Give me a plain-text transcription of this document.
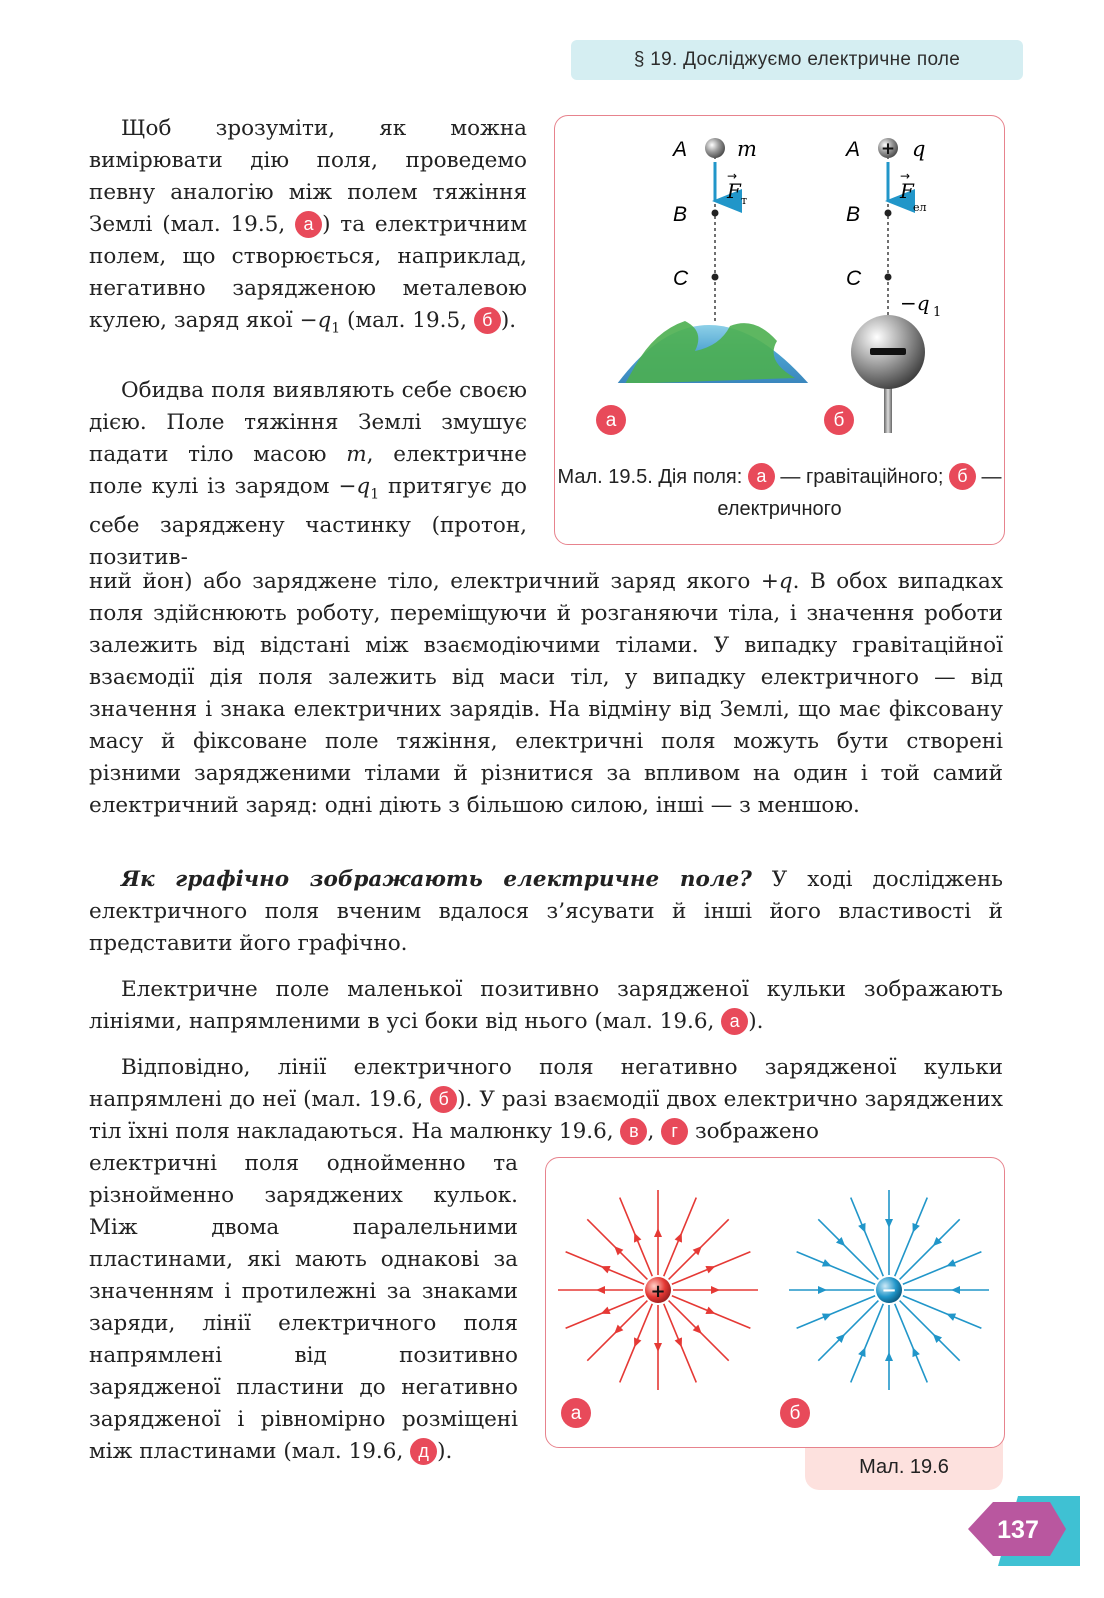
§ 19. Досліджуємо електричне поле

Щоб зрозуміти, як можна вимірювати дію поля, проведемо певну аналогію між полем тяжіння Землі (мал. 19.5, а ) та електричним полем, що створюється, наприклад, негативно зарядженою металевою кулею, заряд якої $-q_1$ (мал. 19.5, б ).

Обидва поля виявляють себе своєю дією. Поле тяжіння Землі змушує падати тіло масою m, електричне поле кулі із зарядом $-q_1$ притягує до себе заряджену частинку (протон, позитив-

ний йон) або заряджене тіло, електричний заряд якого +q. В обох випадках поля здійснюють роботу, переміщуючи й розганяючи тіла, і значення роботи залежить від відстані між взаємодіючими тілами. У випадку гравітаційної взаємодії дія поля залежить від маси тіл, у випадку електричного — від значення і знака електричних зарядів. На відміну від Землі, що має фіксовану масу й фіксоване поле тяжіння, електричні поля можуть бути створені різними зарядженими тілами й різнитися за впливом на один і той самий електричний заряд: одні діють з більшою силою, інші — з меншою.

Як графічно зображають електричне поле? У ході досліджень електричного поля вченим вдалося з’ясувати й інші його властивості й представити його графічно.

Електричне поле маленької позитивно зарядженої кульки зображають лініями, напрямленими в усі боки від нього (мал. 19.6, а ).

Відповідно, лінії електричного поля негативно зарядженої кульки напрямлені до неї (мал. 19.6, б ). У разі взаємодії двох електрично заряджених тіл їхні поля накладаються. На малюнку 19.6, в , г зображено

електричні поля однойменно та різнойменно заряджених кульок. Між двома паралельними пластинами, які мають однакові за значенням і протилежні за знаками заряди, лінії електричного поля напрямлені від позитивно зарядженої пластини до негативно зарядженої і рівномірно розміщені між пластинами (мал. 19.6, д ).

+
A
B
C
A
B
C
m	q
F
→
т	F
→
ел
−q 1
а	б
Мал. 19.5. Дія поля: а — гравітаційного; б — електричного
Мал. 19.6
+	−
а	б
137
